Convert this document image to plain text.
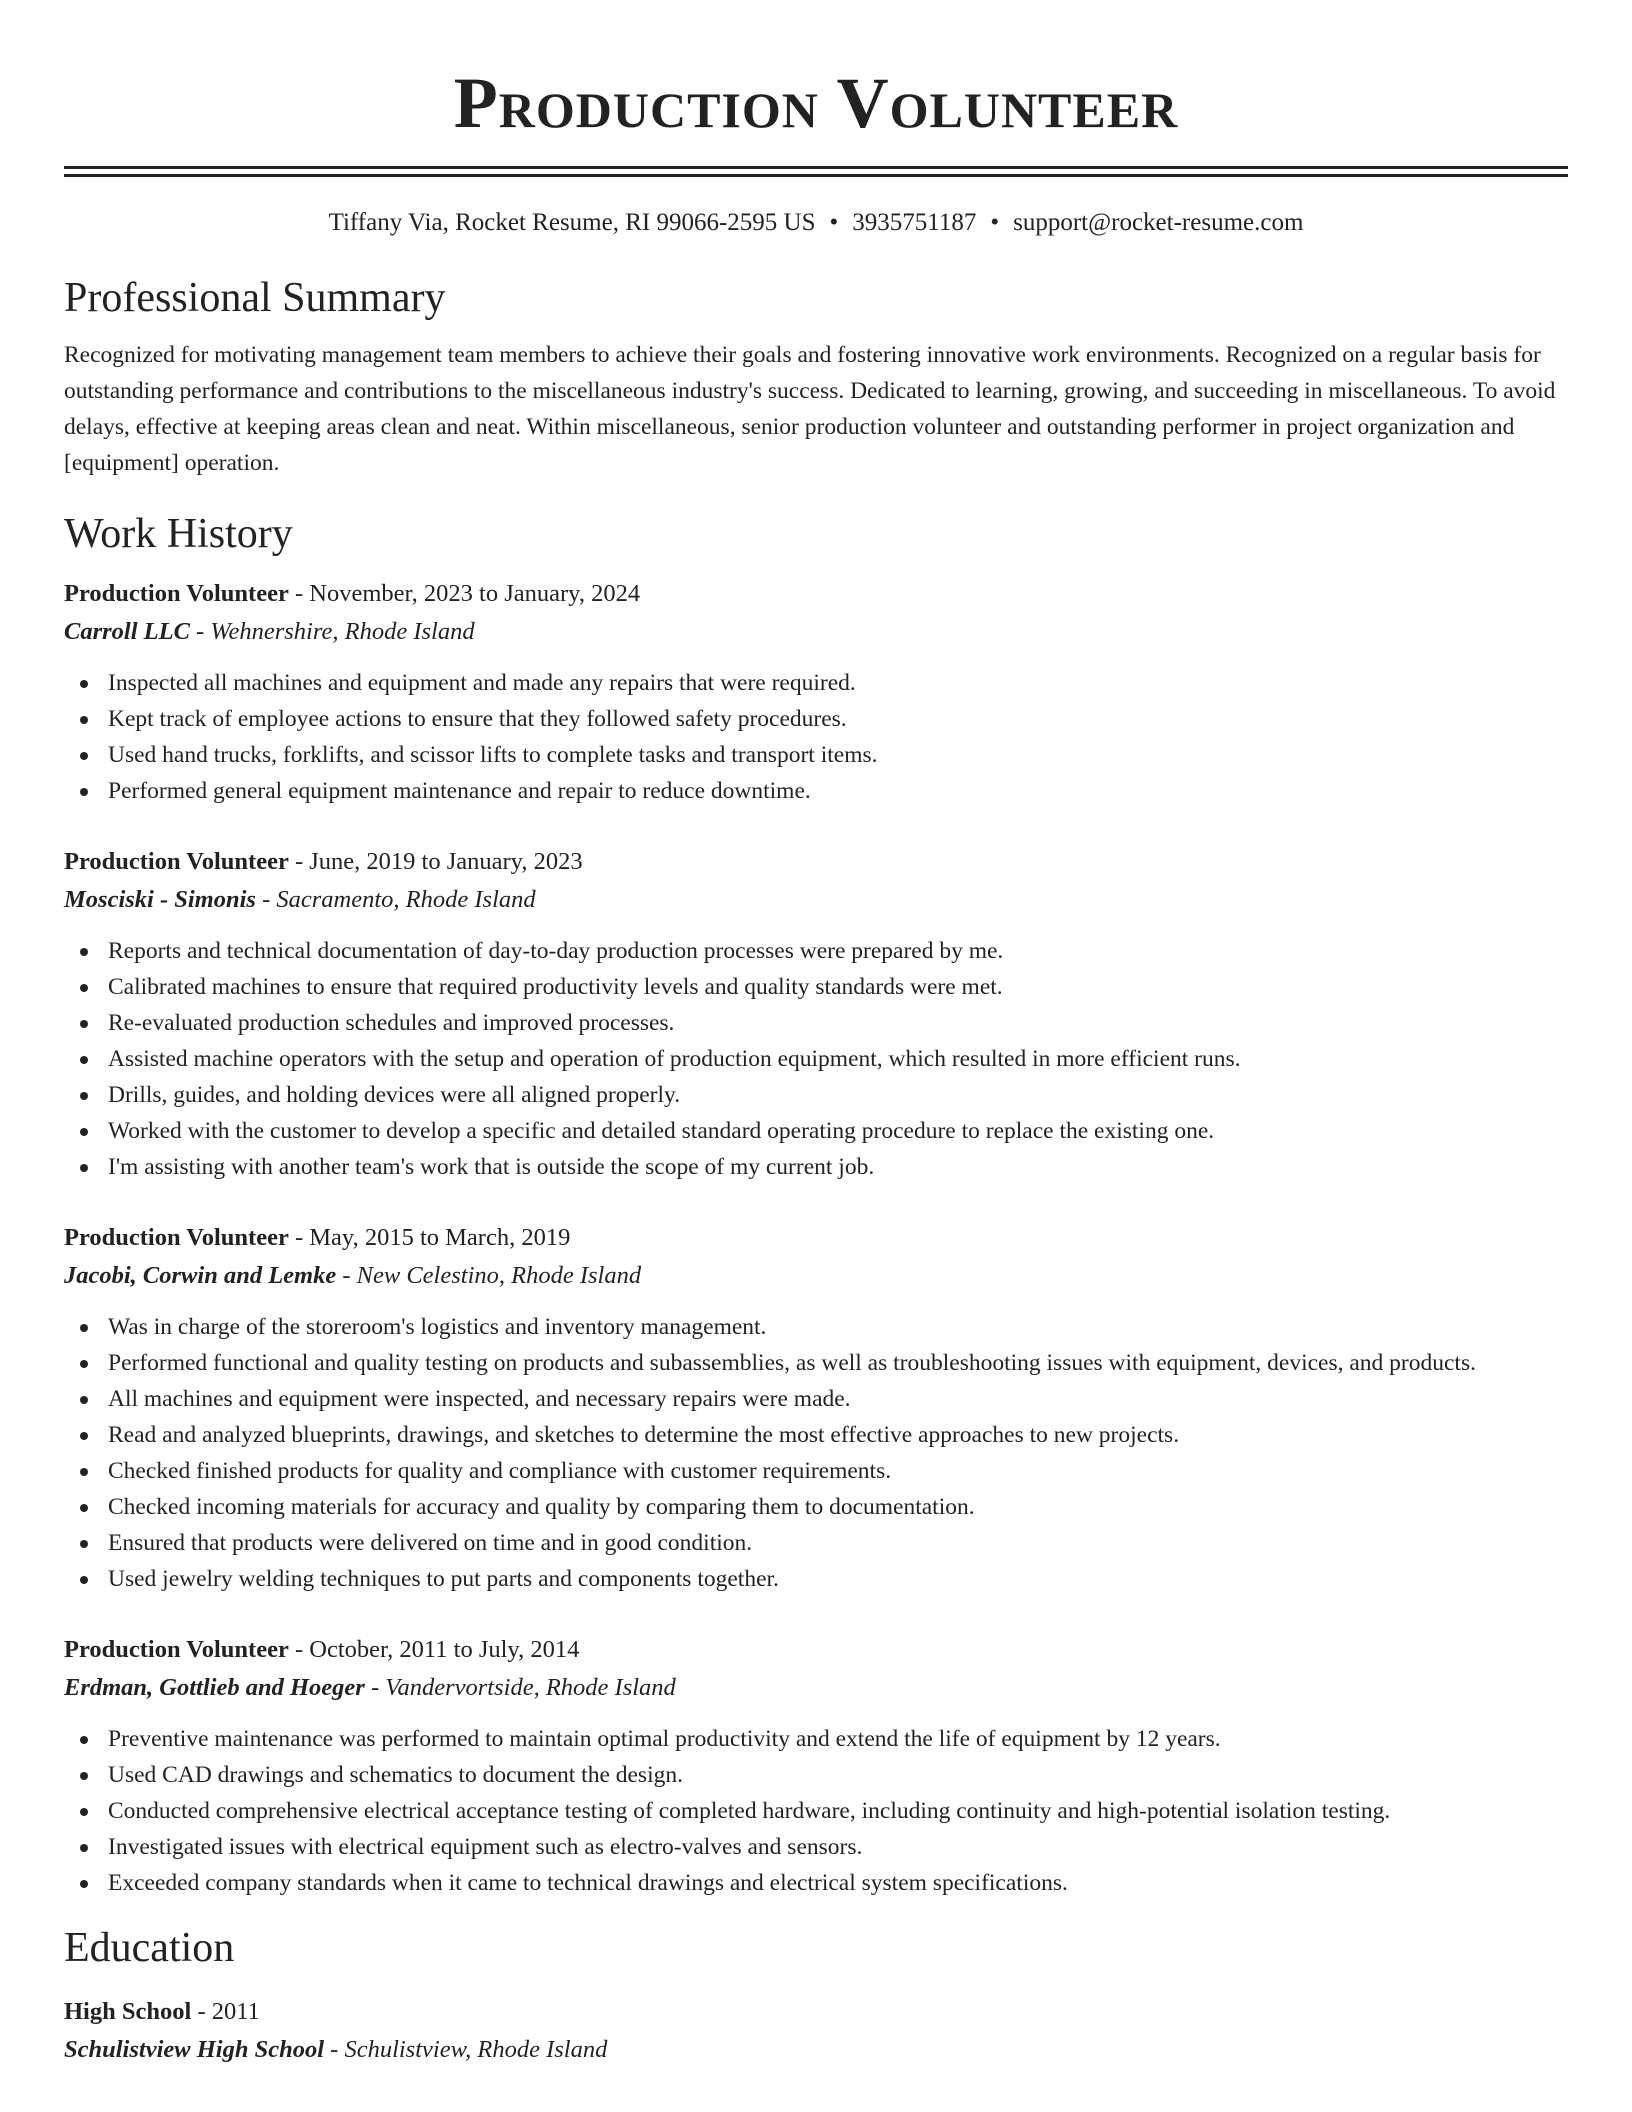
Production Volunteer
Tiffany Via, Rocket Resume, RI 99066-2595 US • 3935751187 • support@rocket-resume.com
Professional Summary
Recognized for motivating management team members to achieve their goals and fostering innovative work environments. Recognized on a regular basis for outstanding performance and contributions to the miscellaneous industry's success. Dedicated to learning, growing, and succeeding in miscellaneous. To avoid delays, effective at keeping areas clean and neat. Within miscellaneous, senior production volunteer and outstanding performer in project organization and [equipment] operation.
Work History
Production Volunteer - November, 2023 to January, 2024
Carroll LLC - Wehnershire, Rhode Island
Inspected all machines and equipment and made any repairs that were required.
Kept track of employee actions to ensure that they followed safety procedures.
Used hand trucks, forklifts, and scissor lifts to complete tasks and transport items.
Performed general equipment maintenance and repair to reduce downtime.
Production Volunteer - June, 2019 to January, 2023
Mosciski - Simonis - Sacramento, Rhode Island
Reports and technical documentation of day-to-day production processes were prepared by me.
Calibrated machines to ensure that required productivity levels and quality standards were met.
Re-evaluated production schedules and improved processes.
Assisted machine operators with the setup and operation of production equipment, which resulted in more efficient runs.
Drills, guides, and holding devices were all aligned properly.
Worked with the customer to develop a specific and detailed standard operating procedure to replace the existing one.
I'm assisting with another team's work that is outside the scope of my current job.
Production Volunteer - May, 2015 to March, 2019
Jacobi, Corwin and Lemke - New Celestino, Rhode Island
Was in charge of the storeroom's logistics and inventory management.
Performed functional and quality testing on products and subassemblies, as well as troubleshooting issues with equipment, devices, and products.
All machines and equipment were inspected, and necessary repairs were made.
Read and analyzed blueprints, drawings, and sketches to determine the most effective approaches to new projects.
Checked finished products for quality and compliance with customer requirements.
Checked incoming materials for accuracy and quality by comparing them to documentation.
Ensured that products were delivered on time and in good condition.
Used jewelry welding techniques to put parts and components together.
Production Volunteer - October, 2011 to July, 2014
Erdman, Gottlieb and Hoeger - Vandervortside, Rhode Island
Preventive maintenance was performed to maintain optimal productivity and extend the life of equipment by 12 years.
Used CAD drawings and schematics to document the design.
Conducted comprehensive electrical acceptance testing of completed hardware, including continuity and high-potential isolation testing.
Investigated issues with electrical equipment such as electro-valves and sensors.
Exceeded company standards when it came to technical drawings and electrical system specifications.
Education
High School - 2011
Schulistview High School - Schulistview, Rhode Island
